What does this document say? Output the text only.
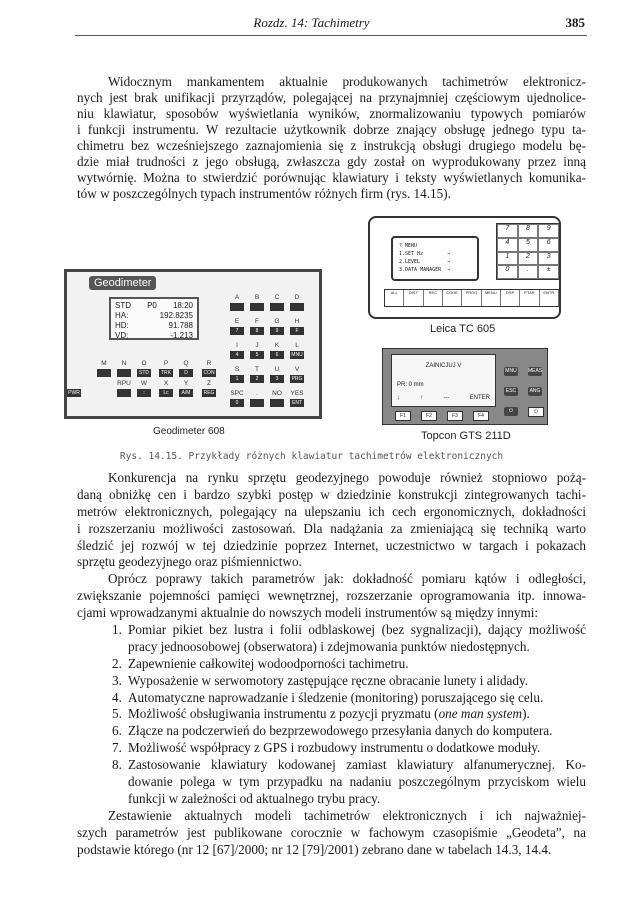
Rozdz. 14: Tachimetry	385
Widocznym mankamentem aktualnie produkowanych tachimetrów elektronicz-
nych jest brak unifikacji przyrządów, polegającej na przynajmniej częściowym ujednolice-
niu klawiatur, sposobów wyświetlania wyników, znormalizowaniu typowych pomiarów
i funkcji instrumentu. W rezultacie użytkownik dobrze znający obsługę jednego typu ta-
chimetru bez wcześniejszego zaznajomienia się z instrukcją obsługi drugiego modelu bę-
dzie miał trudności z jego obsługą, zwłaszcza gdy został on wyprodukowany przez inną
wytwórnię. Można to stwierdzić porównując klawiatury i teksty wyświetlanych komunika-
tów w poszczególnych typach instrumentów różnych firm (rys. 14.15).
Geodimeter
STD P0 18:20
HA:	192.8235
HD:	91.788
VD:	-1.213
A	B	C	D
E
7
F
8
G
9
H
F
I
4
J
5
K
6
L
MNU
S
1
T
2
U
3
V
PRG
SPC
0
.	NO	YES
ENT
M	N	O
STD
P
TRK
Q
D
R
CON
PWR
RPU	W
↑
X
Lc
Y
A/M
Z
REG
Geodimeter 608
? MENU
1.SET Hz        →
2.LEVEL         →
3.DATA MANAGER  →
7	8	9
4	5	6
1	2	3
0	.	±
ALL	DIST	REC	CODE	PROG	MENU	DSP	PTAR	ENTR
Leica TC 605
ZAINICJUJ V
PR: 0 mm
↓	↑	---	ENTER
F1	F2	F3	F4
MNU MEAS
ESC	ANG
⏻	⏻
Topcon GTS 211D
Rys. 14.15. Przykłady różnych klawiatur tachimetrów elektronicznych
Konkurencja na rynku sprzętu geodezyjnego powoduje również stopniowo pożą-
daną obniżkę cen i bardzo szybki postęp w dziedzinie konstrukcji zintegrowanych tachi-
metrów elektronicznych, polegający na ulepszaniu ich cech ergonomicznych, dokładności
i rozszerzaniu możliwości zastosowań. Dla nadążania za zmieniającą się techniką warto
śledzić jej rozwój w tej dziedzinie poprzez Internet, uczestnictwo w targach i pokazach
sprzętu geodezyjnego oraz piśmiennictwo.
Oprócz poprawy takich parametrów jak: dokładność pomiaru kątów i odległości,
zwiększanie pojemności pamięci wewnętrznej, rozszerzanie oprogramowania itp. innowa-
cjami wprowadzanymi aktualnie do nowszych modeli instrumentów są między innymi:
1. Pomiar pikiet bez lustra i folii odblaskowej (bez sygnalizacji), dający możliwość
pracy jednoosobowej (obserwatora) i zdejmowania punktów niedostępnych.
2. Zapewnienie całkowitej wodoodporności tachimetru.
3. Wyposażenie w serwomotory zastępujące ręczne obracanie lunety i alidady.
4. Automatyczne naprowadzanie i śledzenie (monitoring) poruszającego się celu.
5. Możliwość obsługiwania instrumentu z pozycji pryzmatu (one man system).
6. Złącze na podczerwień do bezprzewodowego przesyłania danych do komputera.
7. Możliwość współpracy z GPS i rozbudowy instrumentu o dodatkowe moduły.
8. Zastosowanie klawiatury kodowanej zamiast klawiatury alfanumerycznej. Ko-
dowanie polega w tym przypadku na nadaniu poszczególnym przyciskom wielu
funkcji w zależności od aktualnego trybu pracy.
Zestawienie aktualnych modeli tachimetrów elektronicznych i ich najważniej-
szych parametrów jest publikowane corocznie w fachowym czasopiśmie „Geodeta”, na
podstawie którego (nr 12 [67]/2000; nr 12 [79]/2001) zebrano dane w tabelach 14.3, 14.4.
